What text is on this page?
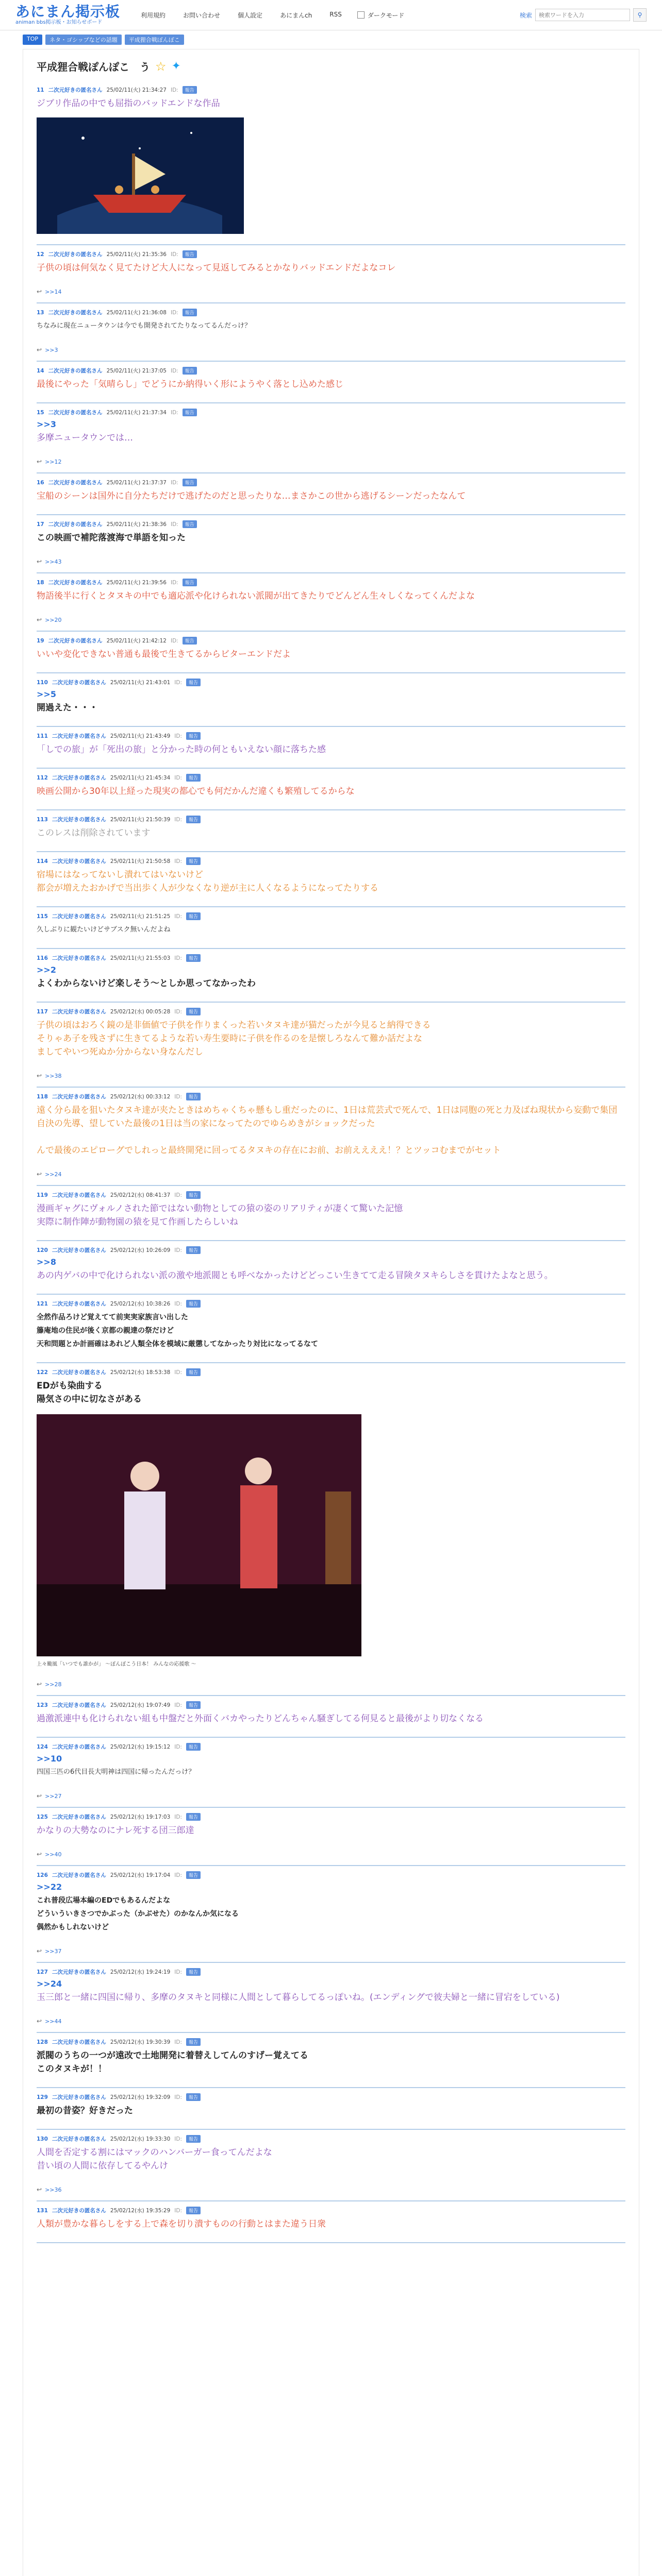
あにまん掲示板
animan bbs掲示板・お知らせボード
利用規約	お問い合わせ	個人設定	あにまんch	RSS	ダークモード	検索
検索ワードを入力	⚲
TOP	ネタ・ゴシップなどの話題	平成狸合戦ぽんぽこ
平成狸合戦ぽんぽこ　う ☆ ✦
11 二次元好きの匿名さん 25/02/11(火) 21:34:27 ID:	報告
ジブリ作品の中でも屈指のバッドエンドな作品
12 二次元好きの匿名さん 25/02/11(火) 21:35:36 ID:	報告
子供の頃は何気なく見てたけど大人になって見返してみるとかなりバッドエンドだよなコレ
↩ >>14
13 二次元好きの匿名さん 25/02/11(火) 21:36:08 ID:	報告
ちなみに現在ニュータウンは今でも開発されてたりなってるんだっけ？
↩ >>3
14 二次元好きの匿名さん 25/02/11(火) 21:37:05 ID:	報告
最後にやった「気晴らし」でどうにか納得いく形にようやく落とし込めた感じ
15 二次元好きの匿名さん 25/02/11(火) 21:37:34 ID:	報告
>>3
多摩ニュータウンでは…
↩ >>12
16 二次元好きの匿名さん 25/02/11(火) 21:37:37 ID:	報告
宝船のシーンは国外に自分たちだけで逃げたのだと思ったりな…まさかこの世から逃げるシーンだったなんて
17 二次元好きの匿名さん 25/02/11(火) 21:38:36 ID:	報告
この映画で補陀落渡海で単語を知った
↩ >>43
18 二次元好きの匿名さん 25/02/11(火) 21:39:56 ID:	報告
物語後半に行くとタヌキの中でも適応派や化けられない派閥が出てきたりでどんどん生々しくなってくんだよな
↩ >>20
19 二次元好きの匿名さん 25/02/11(火) 21:42:12 ID:	報告
いいや変化できない普通も最後で生きてるからビターエンドだよ
110 二次元好きの匿名さん 25/02/11(火) 21:43:01 ID:	報告
>>5
開過えた・・・
111 二次元好きの匿名さん 25/02/11(火) 21:43:49 ID:	報告
「しでの旅」が「死出の旅」と分かった時の何ともいえない顔に落ちた感
112 二次元好きの匿名さん 25/02/11(火) 21:45:34 ID:	報告
映画公開から30年以上経った現実の都心でも何だかんだ違くも繁殖してるからな
113 二次元好きの匿名さん 25/02/11(火) 21:50:39 ID:	報告
このレスは削除されています
114 二次元好きの匿名さん 25/02/11(火) 21:50:58 ID:	報告
宿場にはなってないし潰れてはいないけど
都会が増えたおかげで当出歩く人が少なくなり逆が主に人くなるようになってたりする
115 二次元好きの匿名さん 25/02/11(火) 21:51:25 ID:	報告
久しぶりに観たいけどサブスク無いんだよね
116 二次元好きの匿名さん 25/02/11(火) 21:55:03 ID:	報告
>>2
よくわからないけど楽しそう〜としか思ってなかったわ
117 二次元好きの匿名さん 25/02/12(水) 00:05:28 ID:	報告
子供の頃はおろく鏡の是非価値で子供を作りまくった若いタヌキ達が猫だったが今見ると納得できる
そりゃあ子を残さずに生きてるような若い寿生要時に子供を作るのを是懐しろなんて難か話だよな
ましてやいつ死ぬか分からない身なんだし
↩ >>38
118 二次元好きの匿名さん 25/02/12(水) 00:33:12 ID:	報告
遠く分ら最を狙いたタヌキ達が夹たときはめちゃくちゃ懸もし重だったのに、1日は荒芸式で死んで、1日は同胞の死と力及ばね現状から妄動で集団自決の先導、望していた最後の1日は当の家になってたのでゆらめきがショックだった

んで最後のエピローグでしれっと最終開発に回ってるタヌキの存在にお前、お前ええええ！？とツッコむまでがセット
↩ >>24
119 二次元好きの匿名さん 25/02/12(水) 08:41:37 ID:	報告
漫画ギャグにヴォルノされた節ではない動物としての猿の姿のリアリティが凄くて驚いた記憶
実際に制作陣が動物園の猿を見て作画したらしいね
120 二次元好きの匿名さん 25/02/12(水) 10:26:09 ID:	報告
>>8
あの内ゲバの中で化けられない派の激や地派閥とも呼べなかったけどどっこい生きてて走る冒険タヌキらしさを貫けたよなと思う。
121 二次元好きの匿名さん 25/02/12(水) 10:38:26 ID:	報告
全然作品ろけど覚えてて前実実家族言い出した
籐庵地の住民が後く京都の親達の祭だけど
天和問題とか計画確はあれど人類全体を模域に厳懲してなかったり対比になってるなて
122 二次元好きの匿名さん 25/02/12(水) 18:53:38 ID:	報告
EDがも染曲する
陽気さの中に切なさがある
上々颱風「いつでも誰かが」 〜ぽんぽこう日本！ みんなの応援歌 〜
↩ >>28
123 二次元好きの匿名さん 25/02/12(水) 19:07:49 ID:	報告
過激派連中も化けられない組も中盤だと外面くバカやったりどんちゃん騒ぎしてる何見ると最後がより切なくなる
124 二次元好きの匿名さん 25/02/12(水) 19:15:12 ID:	報告
>>10
四国三匹の6代目長大明神は四国に帰ったんだっけ？
↩ >>27
125 二次元好きの匿名さん 25/02/12(水) 19:17:03 ID:	報告
かなりの大勢なのにナレ死する団三郎達
↩ >>40
126 二次元好きの匿名さん 25/02/12(水) 19:17:04 ID:	報告
>>22
これ普段広場本編のEDでもあるんだよな
どういういきさつでかぶった（かぶせた）のかなんか気になる
偶然かもしれないけど
↩ >>37
127 二次元好きの匿名さん 25/02/12(水) 19:24:19 ID:	報告
>>24
玉三郎と一緒に四国に帰り、多摩のタヌキと同様に人間として暮らしてるっぽいね。(エンディングで彼夫婦と一緒に冒宕をしている)
↩ >>44
128 二次元好きの匿名さん 25/02/12(水) 19:30:39 ID:	報告
派閥のうちの一つが遠改で土地開発に着替えしてんのすげー覚えてる
このタヌキが！！
129 二次元好きの匿名さん 25/02/12(水) 19:32:09 ID:	報告
最初の昔姿？好きだった
130 二次元好きの匿名さん 25/02/12(水) 19:33:30 ID:	報告
人間を否定する割にはマックのハンバーガー食ってんだよな
昔い頃の人間に依存してるやんけ
↩ >>36
131 二次元好きの匿名さん 25/02/12(水) 19:35:29 ID:	報告
人類が豊かな暮らしをする上で森を切り潰すものの行動とはまた違う日衆
